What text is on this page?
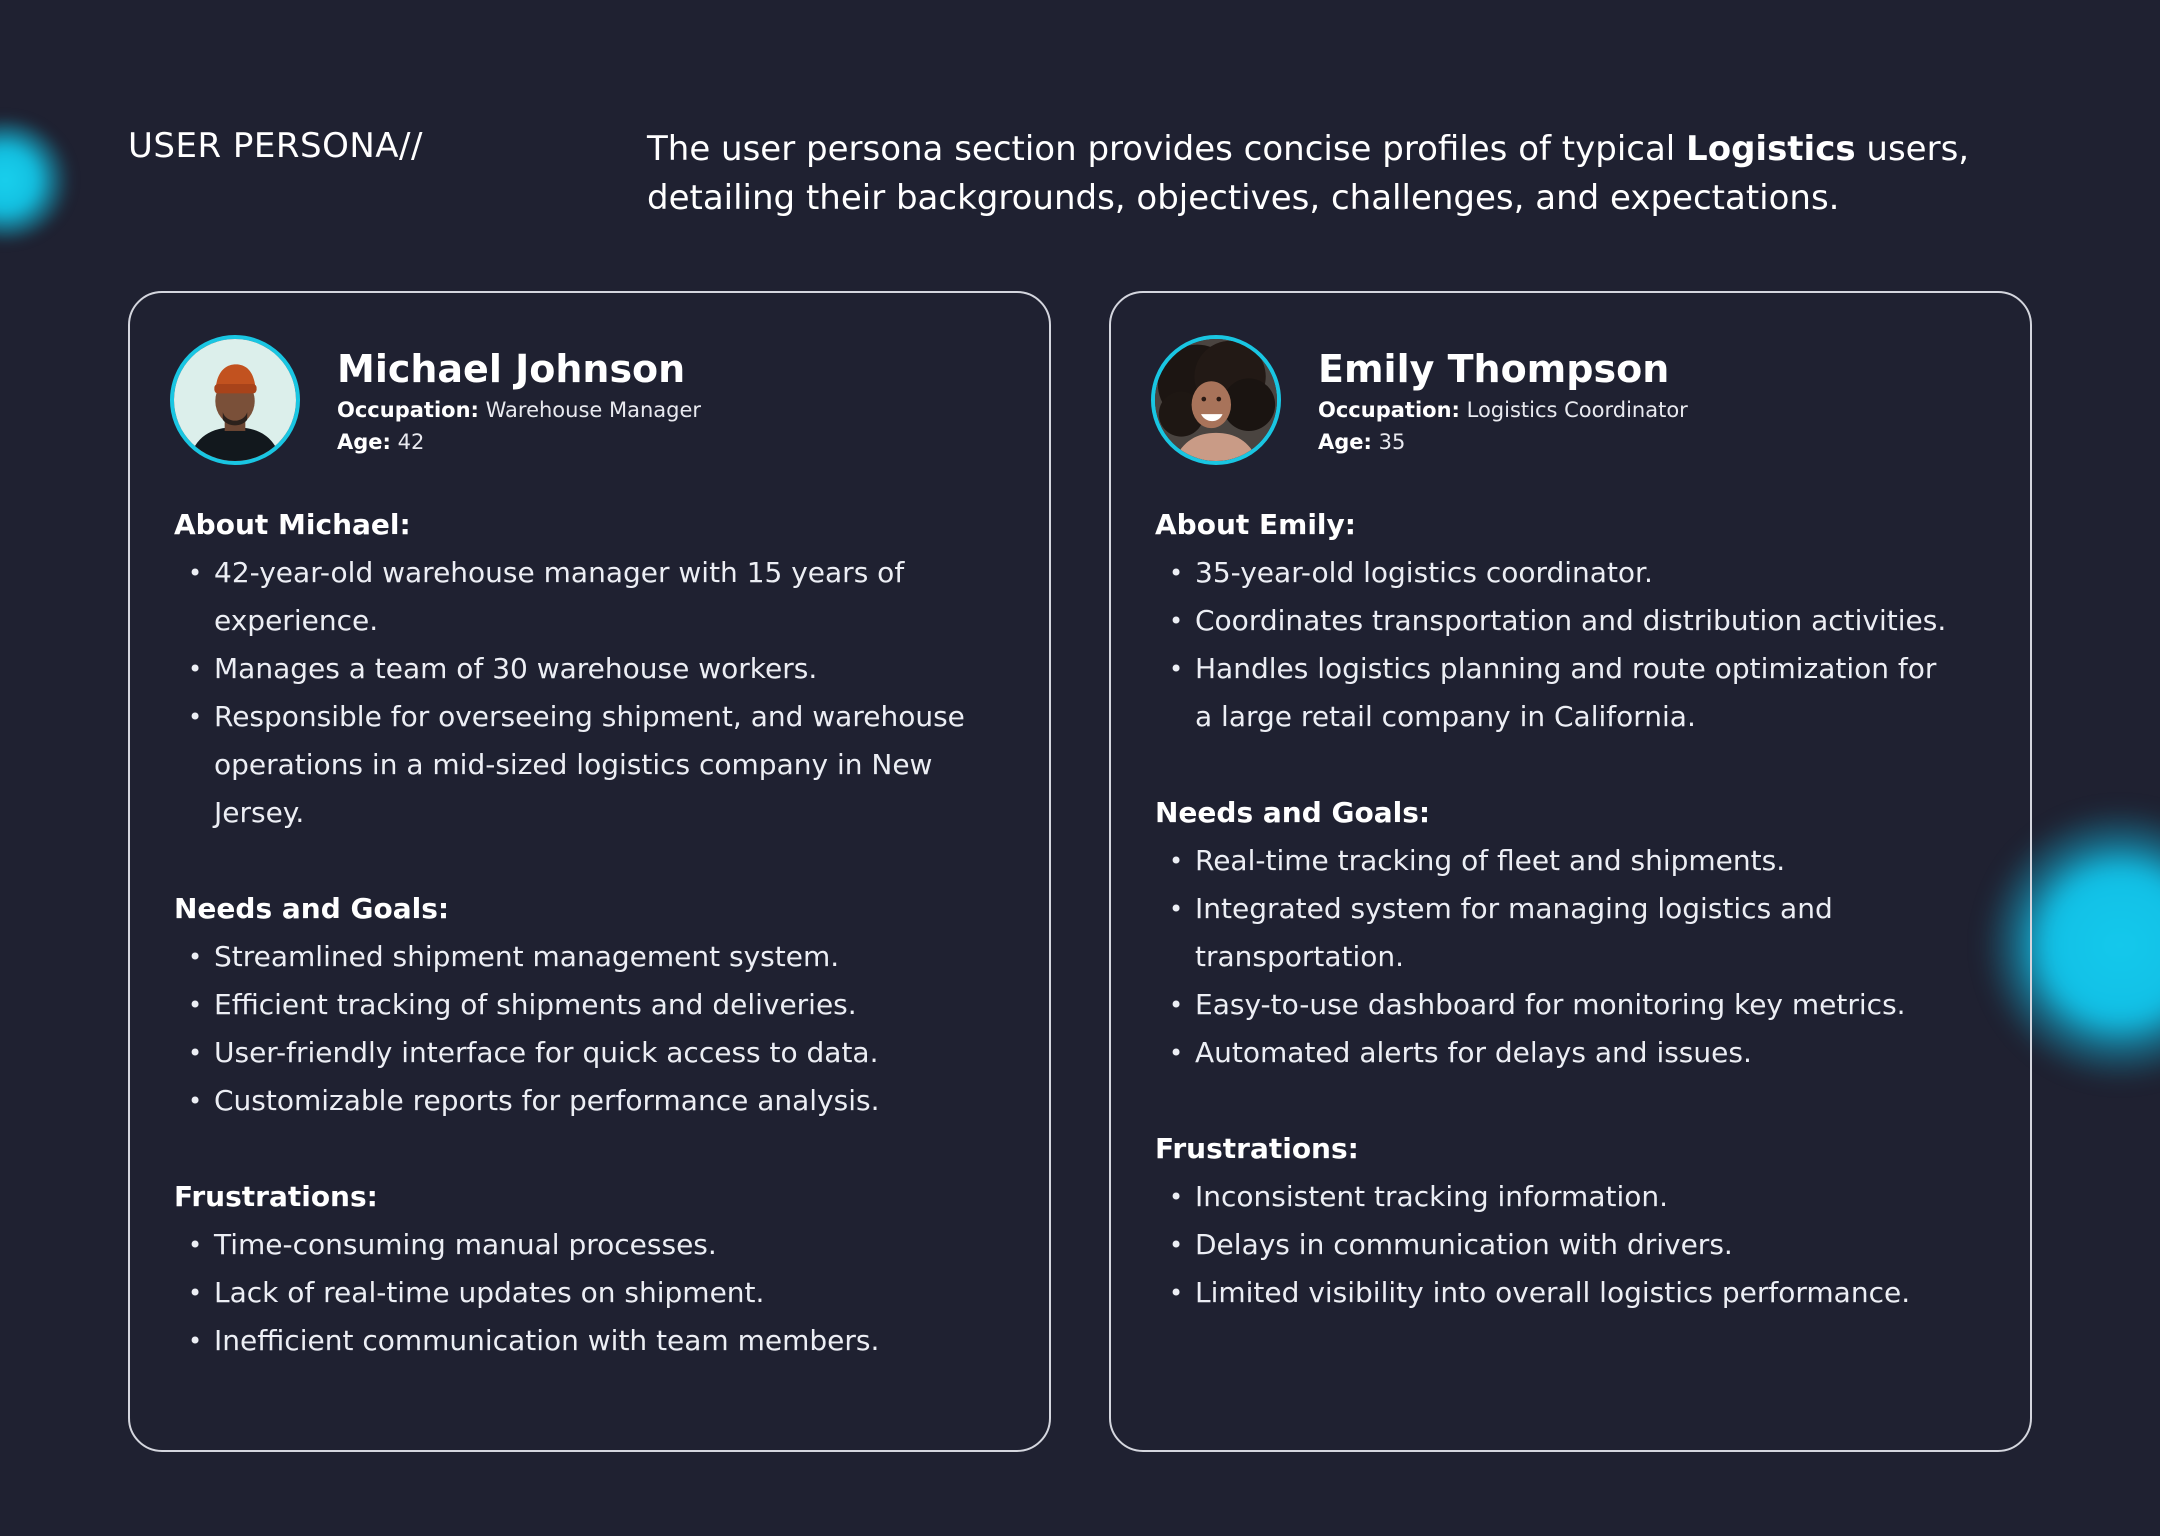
USER PERSONA//	The user persona section provides concise profiles of typical Logistics users, detailing their backgrounds, objectives, challenges, and expectations.
Michael Johnson
Occupation: Warehouse Manager
Age: 42
About Michael:
• 42-year-old warehouse manager with 15 years of experience.
• Manages a team of 30 warehouse workers.
• Responsible for overseeing shipment, and warehouse operations in a mid-sized logistics company in New Jersey.
Needs and Goals:
• Streamlined shipment management system.
• Efficient tracking of shipments and deliveries.
• User-friendly interface for quick access to data.
• Customizable reports for performance analysis.
Frustrations:
• Time-consuming manual processes.
• Lack of real-time updates on shipment.
• Inefficient communication with team members.
Emily Thompson
Occupation: Logistics Coordinator
Age: 35
About Emily:
• 35-year-old logistics coordinator.
• Coordinates transportation and distribution activities.
• Handles logistics planning and route optimization for a large retail company in California.
Needs and Goals:
• Real-time tracking of fleet and shipments.
• Integrated system for managing logistics and transportation.
• Easy-to-use dashboard for monitoring key metrics.
• Automated alerts for delays and issues.
Frustrations:
• Inconsistent tracking information.
• Delays in communication with drivers.
• Limited visibility into overall logistics performance.
